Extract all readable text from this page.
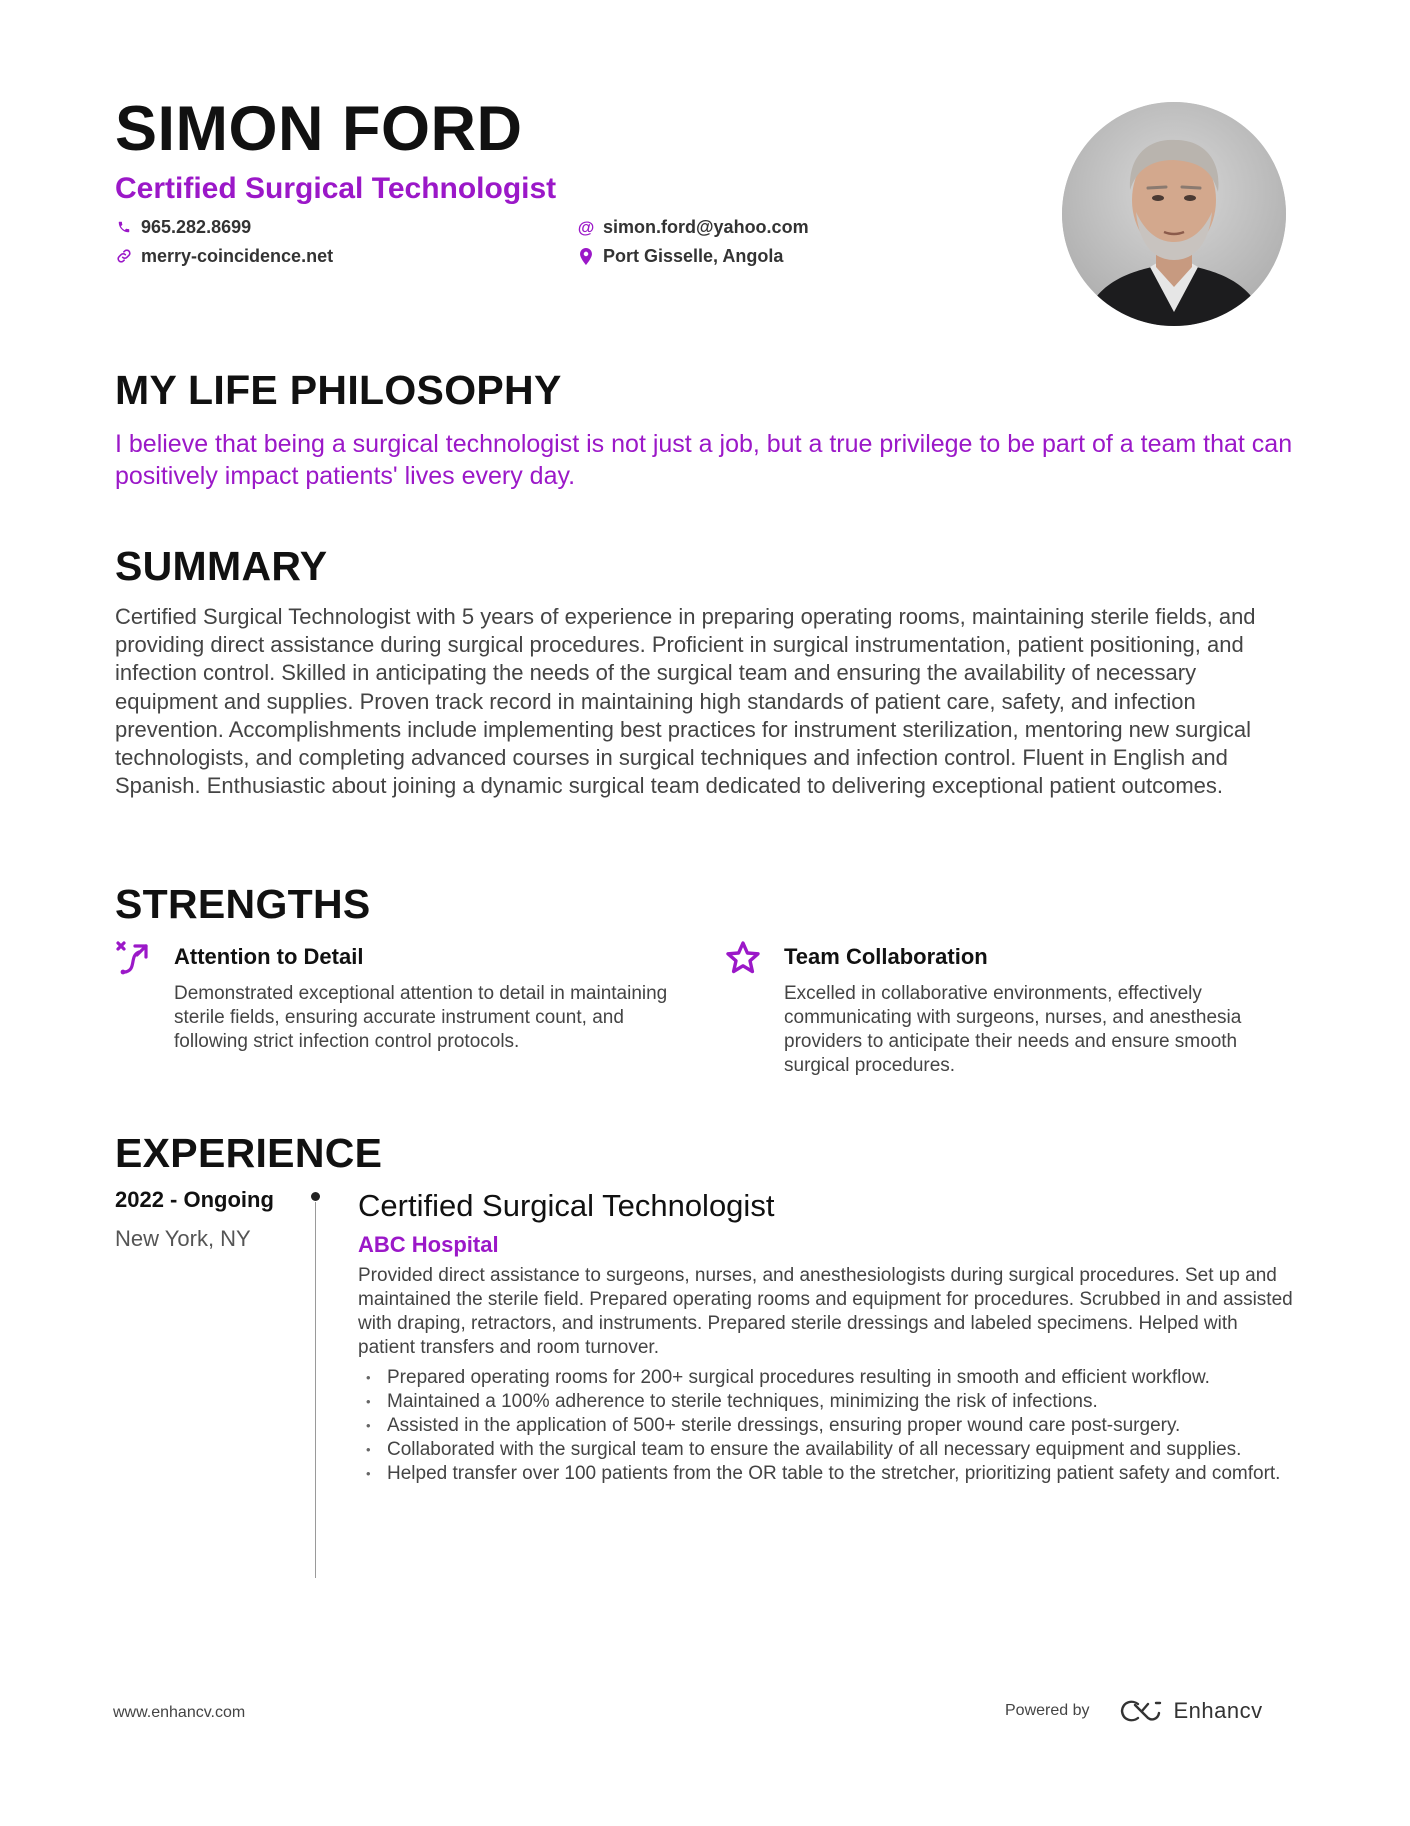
SIMON FORD
Certified Surgical Technologist
965.282.8699
merry-coincidence.net
@ simon.ford@yahoo.com
Port Gisselle, Angola
MY LIFE PHILOSOPHY
I believe that being a surgical technologist is not just a job, but a true privilege to be part of a team that can positively impact patients' lives every day.
SUMMARY
Certified Surgical Technologist with 5 years of experience in preparing operating rooms, maintaining sterile fields, and providing direct assistance during surgical procedures. Proficient in surgical instrumentation, patient positioning, and infection control. Skilled in anticipating the needs of the surgical team and ensuring the availability of necessary equipment and supplies. Proven track record in maintaining high standards of patient care, safety, and infection prevention. Accomplishments include implementing best practices for instrument sterilization, mentoring new surgical technologists, and completing advanced courses in surgical techniques and infection control. Fluent in English and Spanish. Enthusiastic about joining a dynamic surgical team dedicated to delivering exceptional patient outcomes.
STRENGTHS
Attention to Detail
Demonstrated exceptional attention to detail in maintaining sterile fields, ensuring accurate instrument count, and following strict infection control protocols.
Team Collaboration
Excelled in collaborative environments, effectively communicating with surgeons, nurses, and anesthesia providers to anticipate their needs and ensure smooth surgical procedures.
EXPERIENCE
2022 - Ongoing
New York, NY
Certified Surgical Technologist
ABC Hospital
Provided direct assistance to surgeons, nurses, and anesthesiologists during surgical procedures. Set up and maintained the sterile field. Prepared operating rooms and equipment for procedures. Scrubbed in and assisted with draping, retractors, and instruments. Prepared sterile dressings and labeled specimens. Helped with patient transfers and room turnover.
• Prepared operating rooms for 200+ surgical procedures resulting in smooth and efficient workflow.
• Maintained a 100% adherence to sterile techniques, minimizing the risk of infections.
• Assisted in the application of 500+ sterile dressings, ensuring proper wound care post-surgery.
• Collaborated with the surgical team to ensure the availability of all necessary equipment and supplies.
• Helped transfer over 100 patients from the OR table to the stretcher, prioritizing patient safety and comfort.
www.enhancv.com	Powered by	Enhancv
